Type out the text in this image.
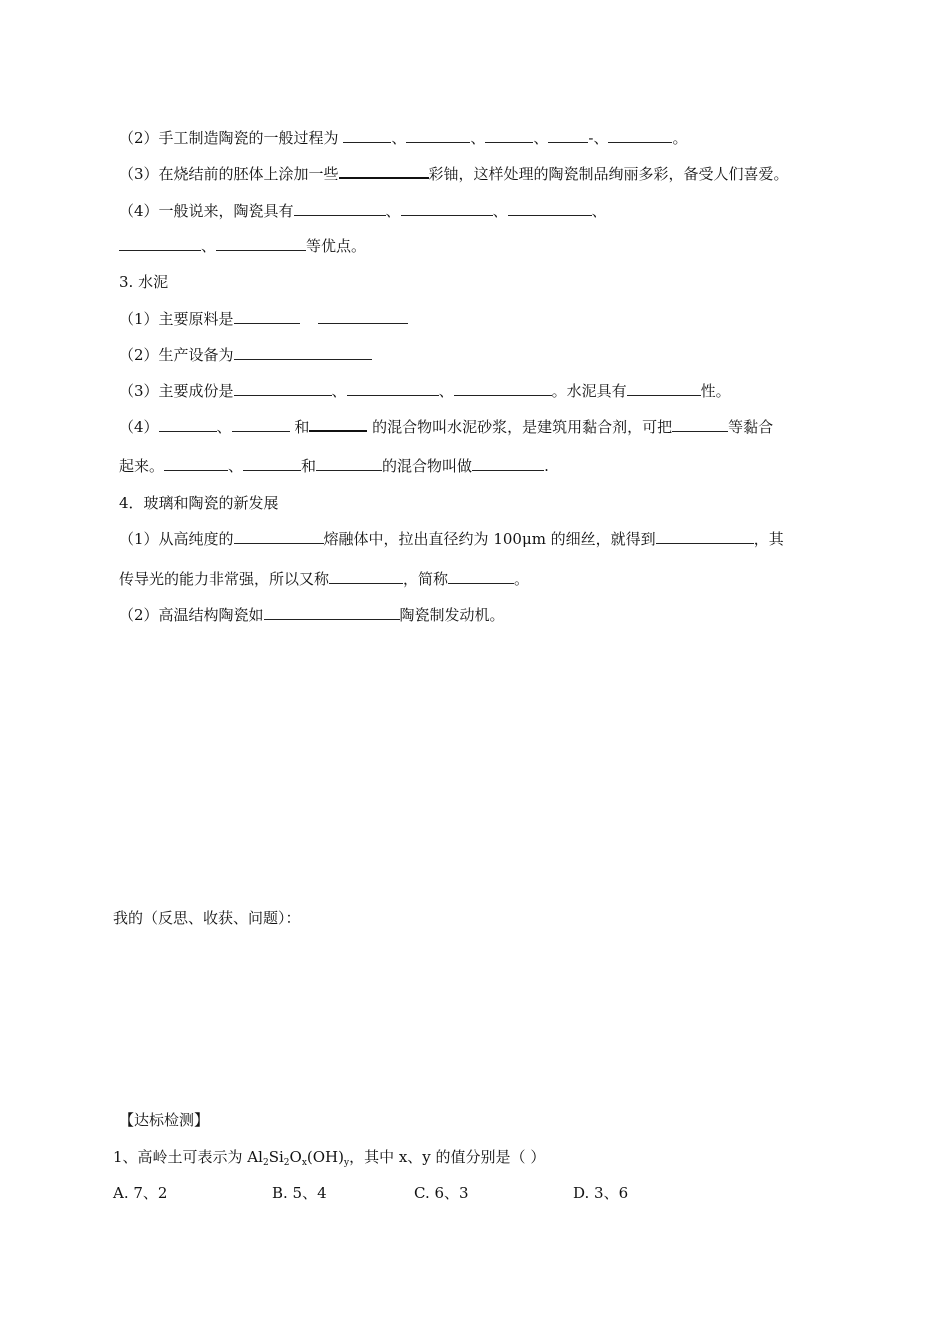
（2）手工制造陶瓷的一般过程为	、	、	、	-、	。
（3）在烧结前的胚体上涂加一些	彩铀，这样处理的陶瓷制品绚丽多彩，备受人们喜爱。
（4）一般说来，陶瓷具有	、	、	、
、	等优点。
3. 水泥
（1）主要原料是
（2）生产设备为
（3）主要成份是	、	、	。水泥具有	性。
（4）	、	和	的混合物叫水泥砂浆，是建筑用黏合剂，可把	等黏合
起来。	、	和	的混合物叫做	.
4．玻璃和陶瓷的新发展
（1）从高纯度的	熔融体中，拉出直径约为 100μm 的细丝，就得到	，其
传导光的能力非常强，所以又称	，简称	。
（2）高温结构陶瓷如	陶瓷制发动机。
我的（反思、收获、问题）：
【达标检测】
1、高岭土可表示为 $Al_2Si_2O_x(OH)_y$，其中 x、y 的值分别是（ ）
A. 7、2	B. 5、4	C. 6、3	D. 3、6
